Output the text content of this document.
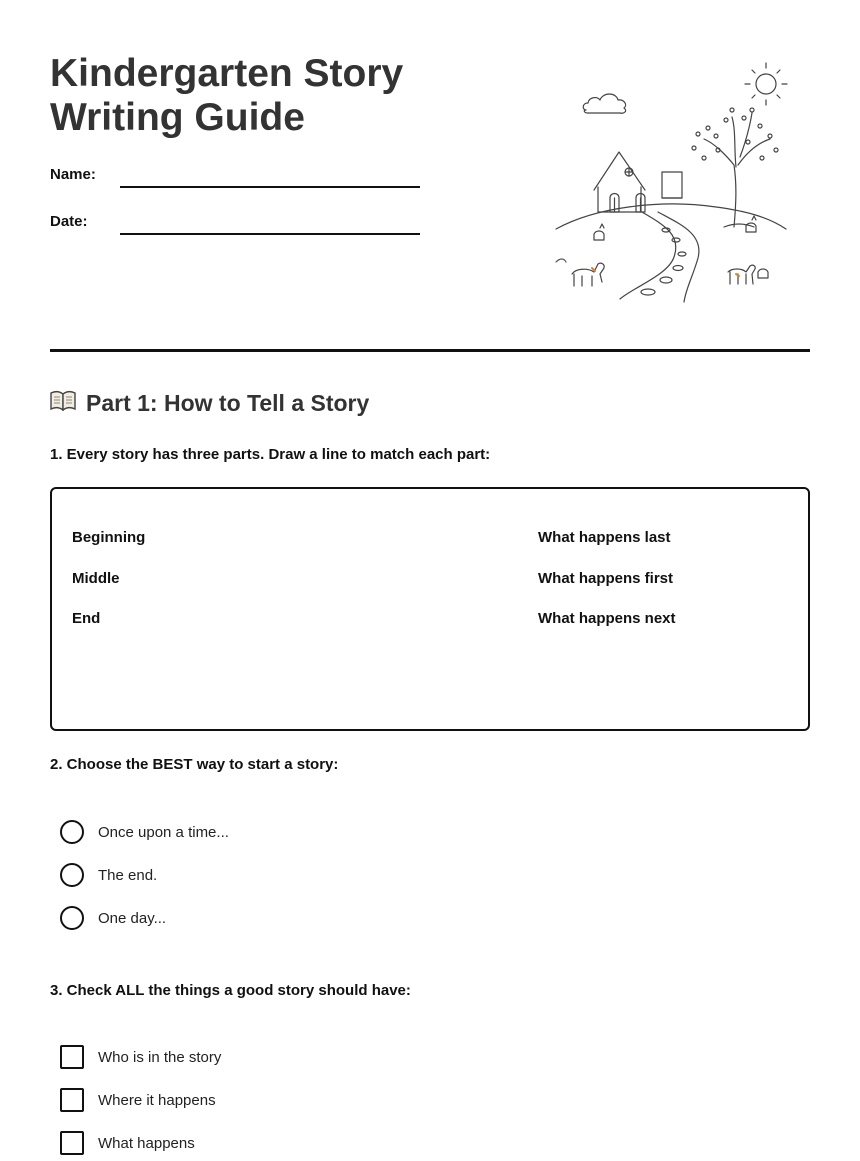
Kindergarten Story
Writing Guide
Name:
Date:
Part 1: How to Tell a Story
1. Every story has three parts. Draw a line to match each part:
Beginning
Middle
End
What happens last
What happens first
What happens next
2. Choose the BEST way to start a story:
Once upon a time...
The end.
One day...
3. Check ALL the things a good story should have:
Who is in the story
Where it happens
What happens
